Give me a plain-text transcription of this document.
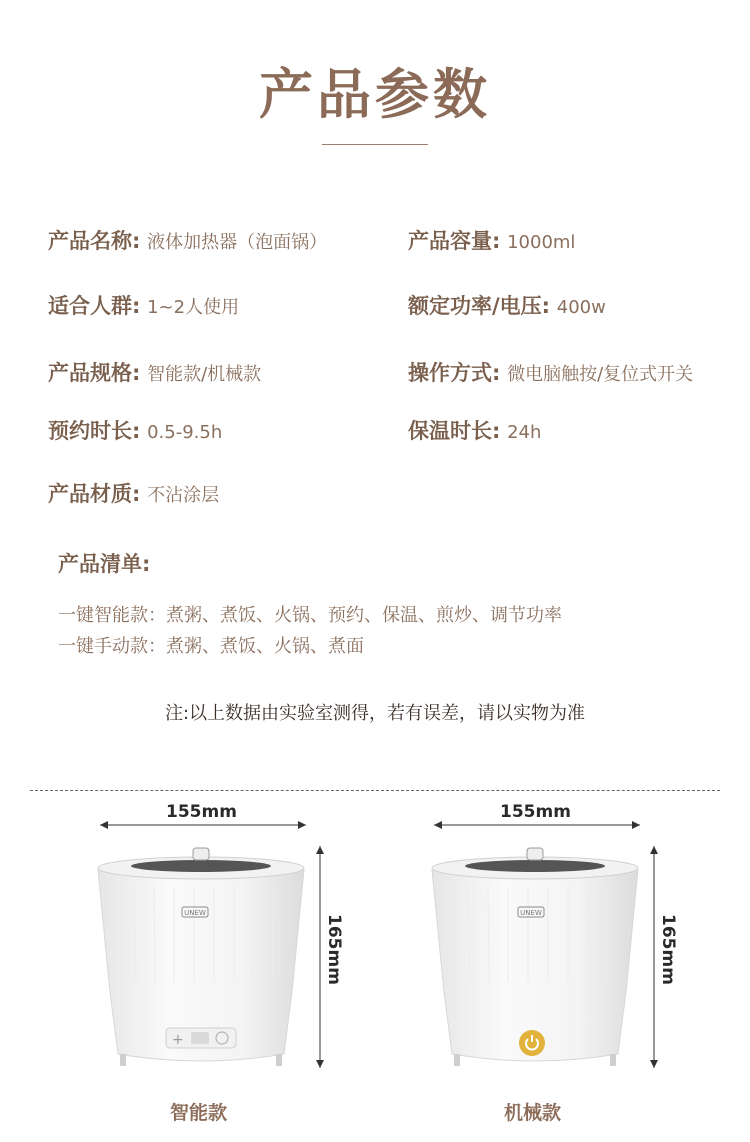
产品参数
产品名称: 液体加热器（泡面锅）	产品容量: 1000ml
适合人群: 1~2人使用	额定功率/电压: 400w
产品规格: 智能款/机械款	操作方式: 微电脑触按/复位式开关
预约时长: 0.5-9.5h	保温时长: 24h
产品材质: 不沾涂层
产品清单:
一键智能款：煮粥、煮饭、火锅、预约、保温、煎炒、调节功率
一键手动款：煮粥、煮饭、火锅、煮面
注:以上数据由实验室测得，若有误差，请以实物为准
155mm
165mm
UNEW
+
智能款
155mm
165mm
UNEW
机械款
